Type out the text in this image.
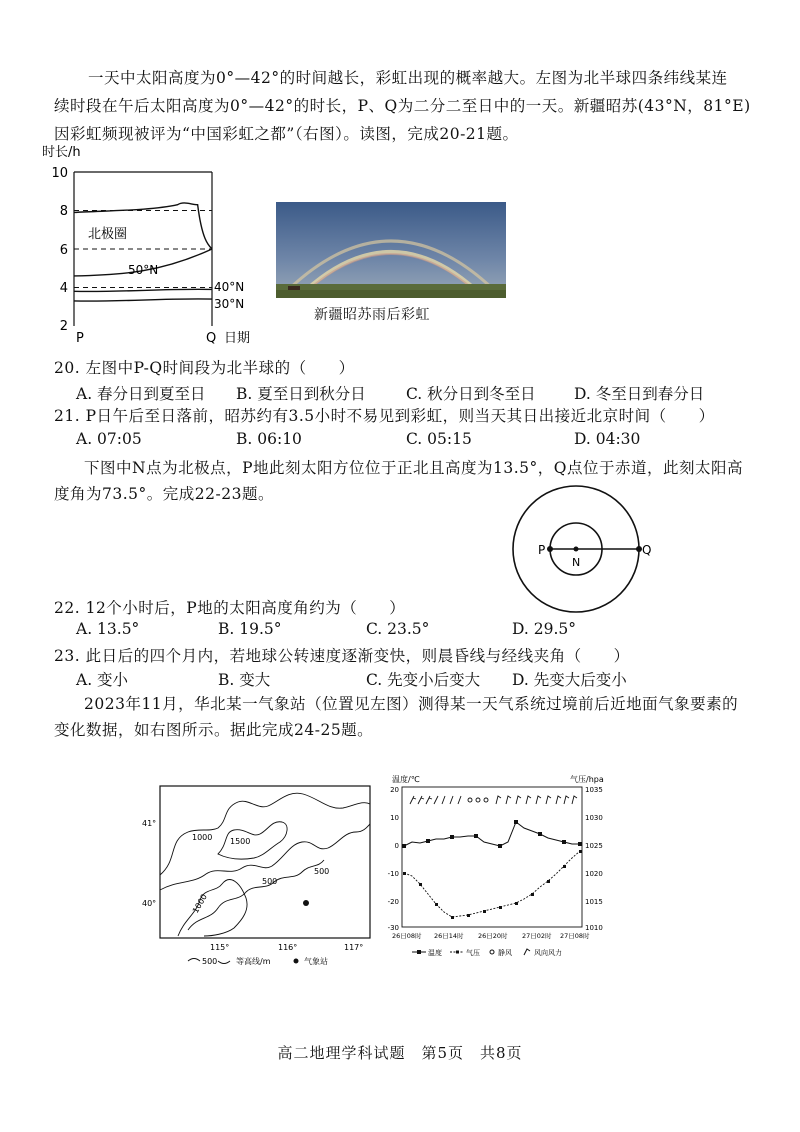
一天中太阳高度为0°—42°的时间越长，彩虹出现的概率越大。左图为北半球四条纬线某连
续时段在午后太阳高度为0°—42°的时长，P、Q为二分二至日中的一天。新疆昭苏(43°N，81°E)
因彩虹频现被评为“中国彩虹之都”（右图）。读图，完成20-21题。
时长/h
10
8
6
4
2
北极圈
50°N
40°N
30°N
P	Q 日期
新疆昭苏雨后彩虹
20. 左图中P-Q时间段为北半球的（　　）
A. 春分日到夏至日 B. 夏至日到秋分日	C. 秋分日到冬至日 D. 冬至日到春分日
21. P日午后至日落前，昭苏约有3.5小时不易见到彩虹，则当天其日出接近北京时间（　　）
A. 07:05	B. 06:10	C. 05:15	D. 04:30
下图中N点为北极点，P地此刻太阳方位位于正北且高度为13.5°，Q点位于赤道，此刻太阳高
度角为73.5°。完成22-23题。
P
N
Q
22. 12个小时后，P地的太阳高度角约为（　　）
A. 13.5°	B. 19.5°	C. 23.5°	D. 29.5°
23. 此日后的四个月内，若地球公转速度逐渐变快，则晨昏线与经线夹角（　　）
A. 变小	B. 变大	C. 先变小后变大 D. 先变大后变小
2023年11月，华北某一气象站（位置见左图）测得某一天气系统过境前后近地面气象要素的
变化数据，如右图所示。据此完成24-25题。
41°
40°
115°	116°	117°
1000 1500
500
500
1000
500 等高线/m	气象站
温度/℃	气压/hpa
20
10
0
-10
-20
-30
1035
1030
1025
1020
1015
1010
26日08时 26日14时 26日20时 27日02时 27日08时
温度	气压	静风	风向风力
高二地理学科试题　第5页　共8页
